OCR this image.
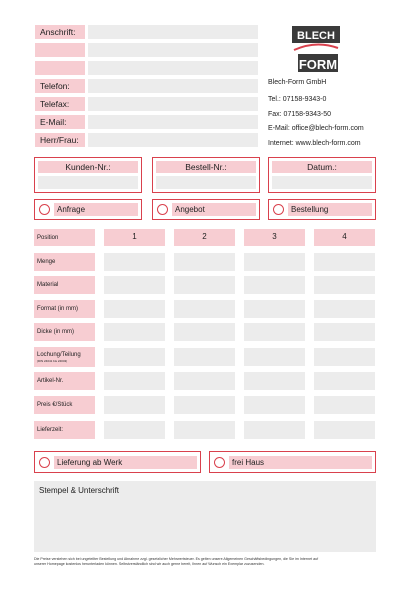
Anschrift:
Telefon:
Telefax:
E-Mail:
Herr/Frau:
BLECH
FORM
Blech-Form GmbH
Tel.: 07158-9343-0
Fax: 07158-9343-50
E-Mail: office@blech-form.com
Internet: www.blech-form.com
Kunden-Nr.:	Bestell-Nr.:	Datum.:
Anfrage	Angebot	Bestellung
Position	1	2	3	4
Menge
Material
Format (in mm)
Dicke (in mm)
Lochung/Teilung
(DIN 24041 bis 24043)
Artikel-Nr.
Preis €/Stück
Lieferzeit:
Lieferung ab Werk	frei Haus
Stempel & Unterschrift
Die Preise verstehen sich bei ungeteilter Bestellung und Abnahme zzgl. gesetzlicher Mehrwertsteuer. Es gelten unsere Allgemeinen Geschäftsbedingungen, die Sie im Internet auf
unserer Homepage kostenlos herunterladen können. Selbstverständlich sind wir auch gerne bereit, Ihnen auf Wunsch ein Exemplar zuzusenden.
